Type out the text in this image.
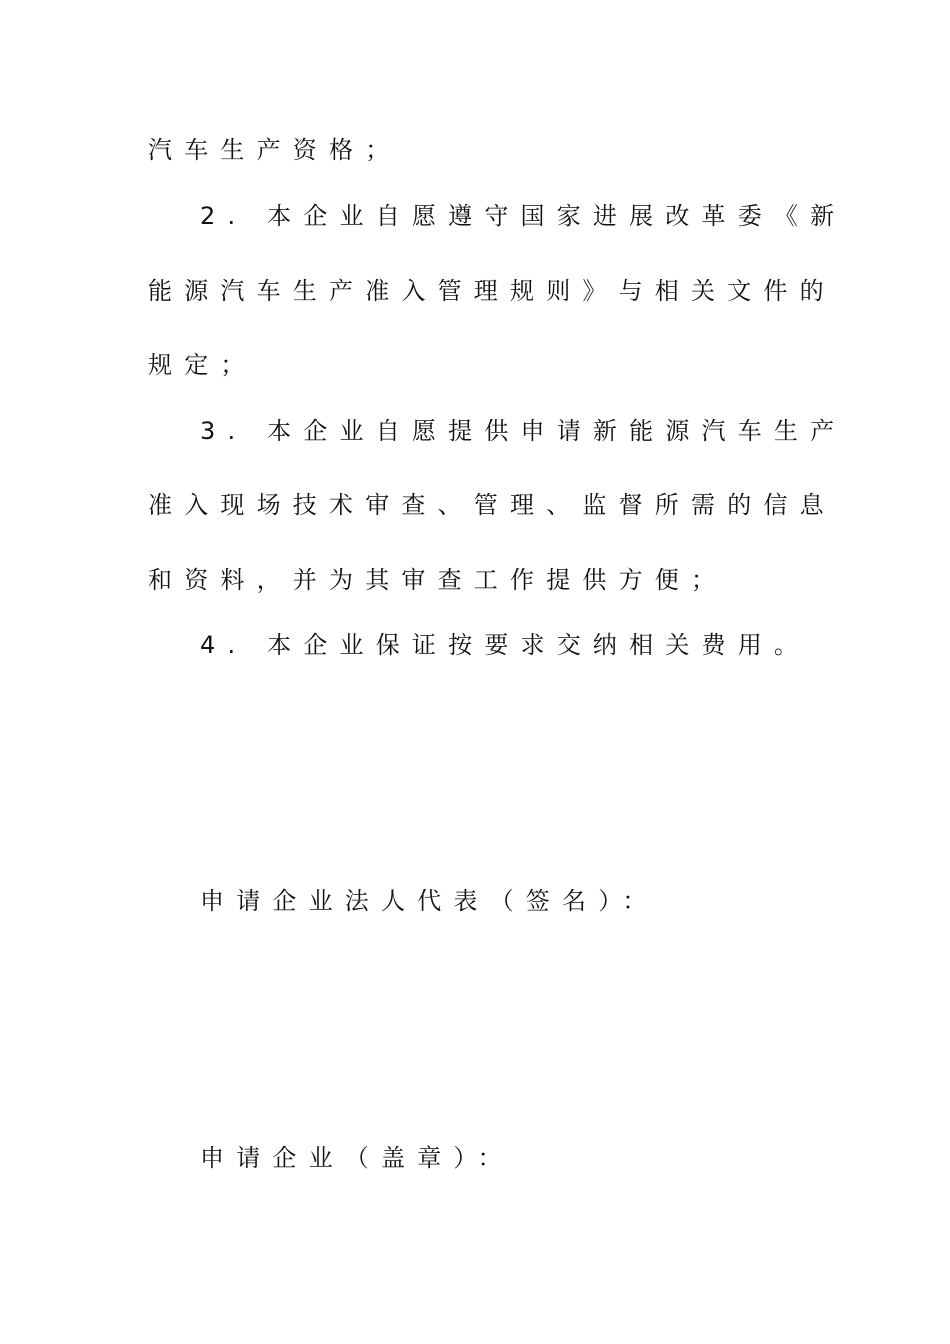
汽车生产资格；
2. 本企业自愿遵守国家进展改革委《新
能源汽车生产准入管理规则》与相关文件的
规定；
3. 本企业自愿提供申请新能源汽车生产
准入现场技术审查、管理、监督所需的信息
和资料，并为其审查工作提供方便；
4. 本企业保证按要求交纳相关费用。
申请企业法人代表（签名）：
申请企业（盖章）：
